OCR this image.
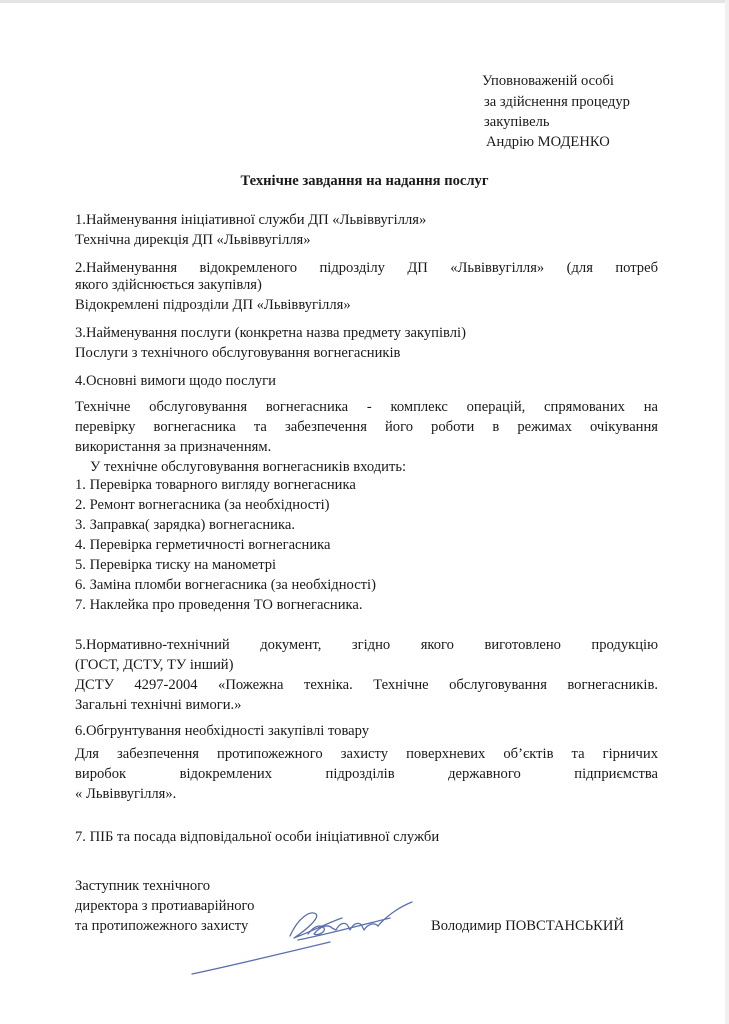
Уповноваженій особі
за здійснення процедур
закупівель
Андрію МОДЕНКО
Технічне завдання на надання послуг
1.Найменування ініціативної служби ДП «Львіввугілля»
Технічна дирекція ДП «Львіввугілля»
2.Найменування відокремленого підрозділу ДП «Львіввугілля» (для потреб
якого здійснюється закупівля)
Відокремлені підрозділи ДП «Львіввугілля»
3.Найменування послуги (конкретна назва предмету закупівлі)
Послуги з технічного обслуговування вогнегасників
4.Основні вимоги щодо послуги
Технічне обслуговування вогнегасника - комплекс операцій, спрямованих на
перевірку вогнегасника та забезпечення його роботи в режимах очікування
використання за призначенням.
У технічне обслуговування вогнегасників входить:
1. Перевірка товарного вигляду вогнегасника
2. Ремонт вогнегасника (за необхідності)
3. Заправка( зарядка) вогнегасника.
4. Перевірка герметичності вогнегасника
5. Перевірка тиску на манометрі
6. Заміна пломби вогнегасника (за необхідності)
7. Наклейка про проведення ТО вогнегасника.
5.Нормативно-технічний документ, згідно якого виготовлено продукцію
(ГОСТ, ДСТУ, ТУ інший)
ДСТУ 4297-2004 «Пожежна техніка. Технічне обслуговування вогнегасників.
Загальні технічні вимоги.»
6.Обгрунтування необхідності закупівлі товару
Для забезпечення протипожежного захисту поверхневих об’єктів та гірничих
виробок відокремлених підрозділів державного підприємства
« Львіввугілля».
7. ПІБ та посада відповідальної особи ініціативної служби
Заступник технічного
директора з протиаварійного
та протипожежного захисту	Володимир ПОВСТАНСЬКИЙ
